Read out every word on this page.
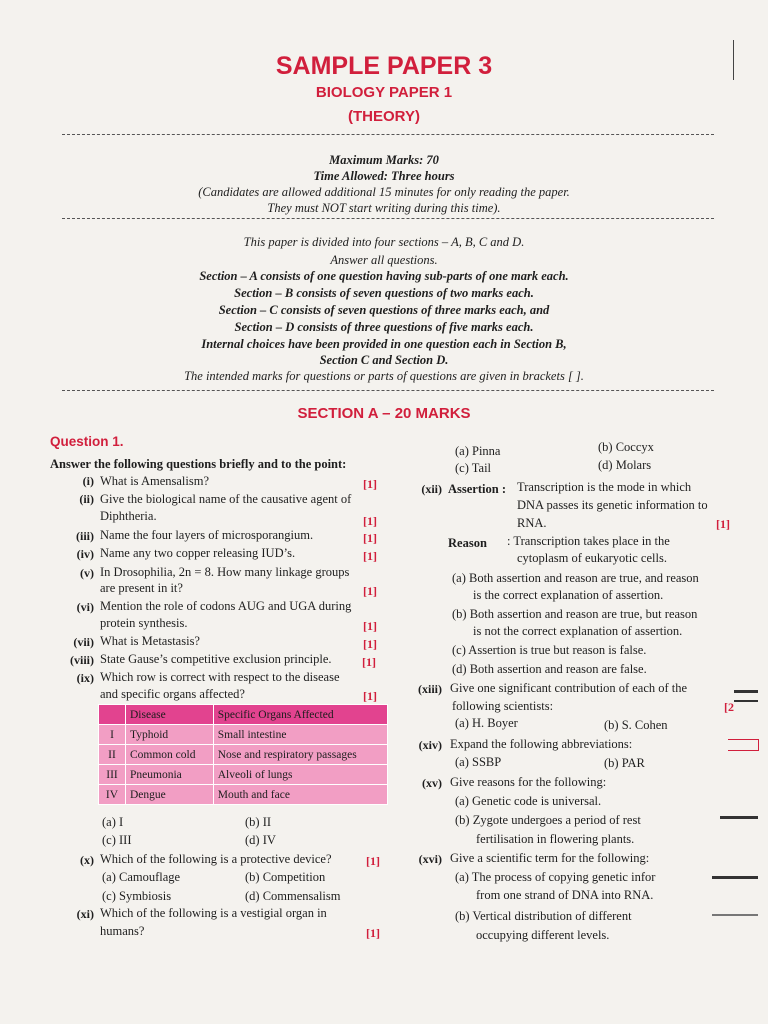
SAMPLE PAPER 3
BIOLOGY PAPER 1
(THEORY)
Maximum Marks: 70
Time Allowed: Three hours
(Candidates are allowed additional 15 minutes for only reading the paper.
They must NOT start writing during this time).
This paper is divided into four sections – A, B, C and D.
Answer all questions.
Section – A consists of one question having sub-parts of one mark each.
Section – B consists of seven questions of two marks each.
Section – C consists of seven questions of three marks each, and
Section – D consists of three questions of five marks each.
Internal choices have been provided in one question each in Section B,
Section C and Section D.
The intended marks for questions or parts of questions are given in brackets [ ].
SECTION A – 20 MARKS
Question 1.
Answer the following questions briefly and to the point:
(i) What is Amensalism?	[1]
(ii) Give the biological name of the causative agent of
Diphtheria.	[1]
(iii) Name the four layers of microsporangium.	[1]
(iv) Name any two copper releasing IUD’s.	[1]
(v) In Drosophilia, 2n = 8. How many linkage groups
are present in it?	[1]
(vi) Mention the role of codons AUG and UGA during
protein synthesis.	[1]
(vii) What is Metastasis?	[1]
(viii) State Gause’s competitive exclusion principle.	[1]
(ix) Which row is correct with respect to the disease
and specific organs affected?	[1]
	Disease	Specific Organs Affected
I	Typhoid	Small intestine
II	Common cold	Nose and respiratory passages
III	Pneumonia	Alveoli of lungs
IV	Dengue	Mouth and face
(a) I	(b) II
(c) III	(d) IV
(x) Which of the following is a protective device?	[1]
(a) Camouflage	(b) Competition
(c) Symbiosis	(d) Commensalism
(xi) Which of the following is a vestigial organ in
humans?	[1]
(a) Pinna	(b) Coccyx
(c) Tail	(d) Molars
(xii) Assertion : Transcription is the mode in which
DNA passes its genetic information to
RNA.	[1]
Reason : Transcription takes place in the
cytoplasm of eukaryotic cells.
(a) Both assertion and reason are true, and reason
is the correct explanation of assertion.
(b) Both assertion and reason are true, but reason
is not the correct explanation of assertion.
(c) Assertion is true but reason is false.
(d) Both assertion and reason are false.
(xiii) Give one significant contribution of each of the
following scientists:	[2
(a) H. Boyer	(b) S. Cohen
(xiv) Expand the following abbreviations:
(a) SSBP	(b) PAR
(xv) Give reasons for the following:
(a) Genetic code is universal.
(b) Zygote undergoes a period of rest
fertilisation in flowering plants.
(xvi) Give a scientific term for the following:
(a) The process of copying genetic infor
from one strand of DNA into RNA.
(b) Vertical distribution of different
occupying different levels.
